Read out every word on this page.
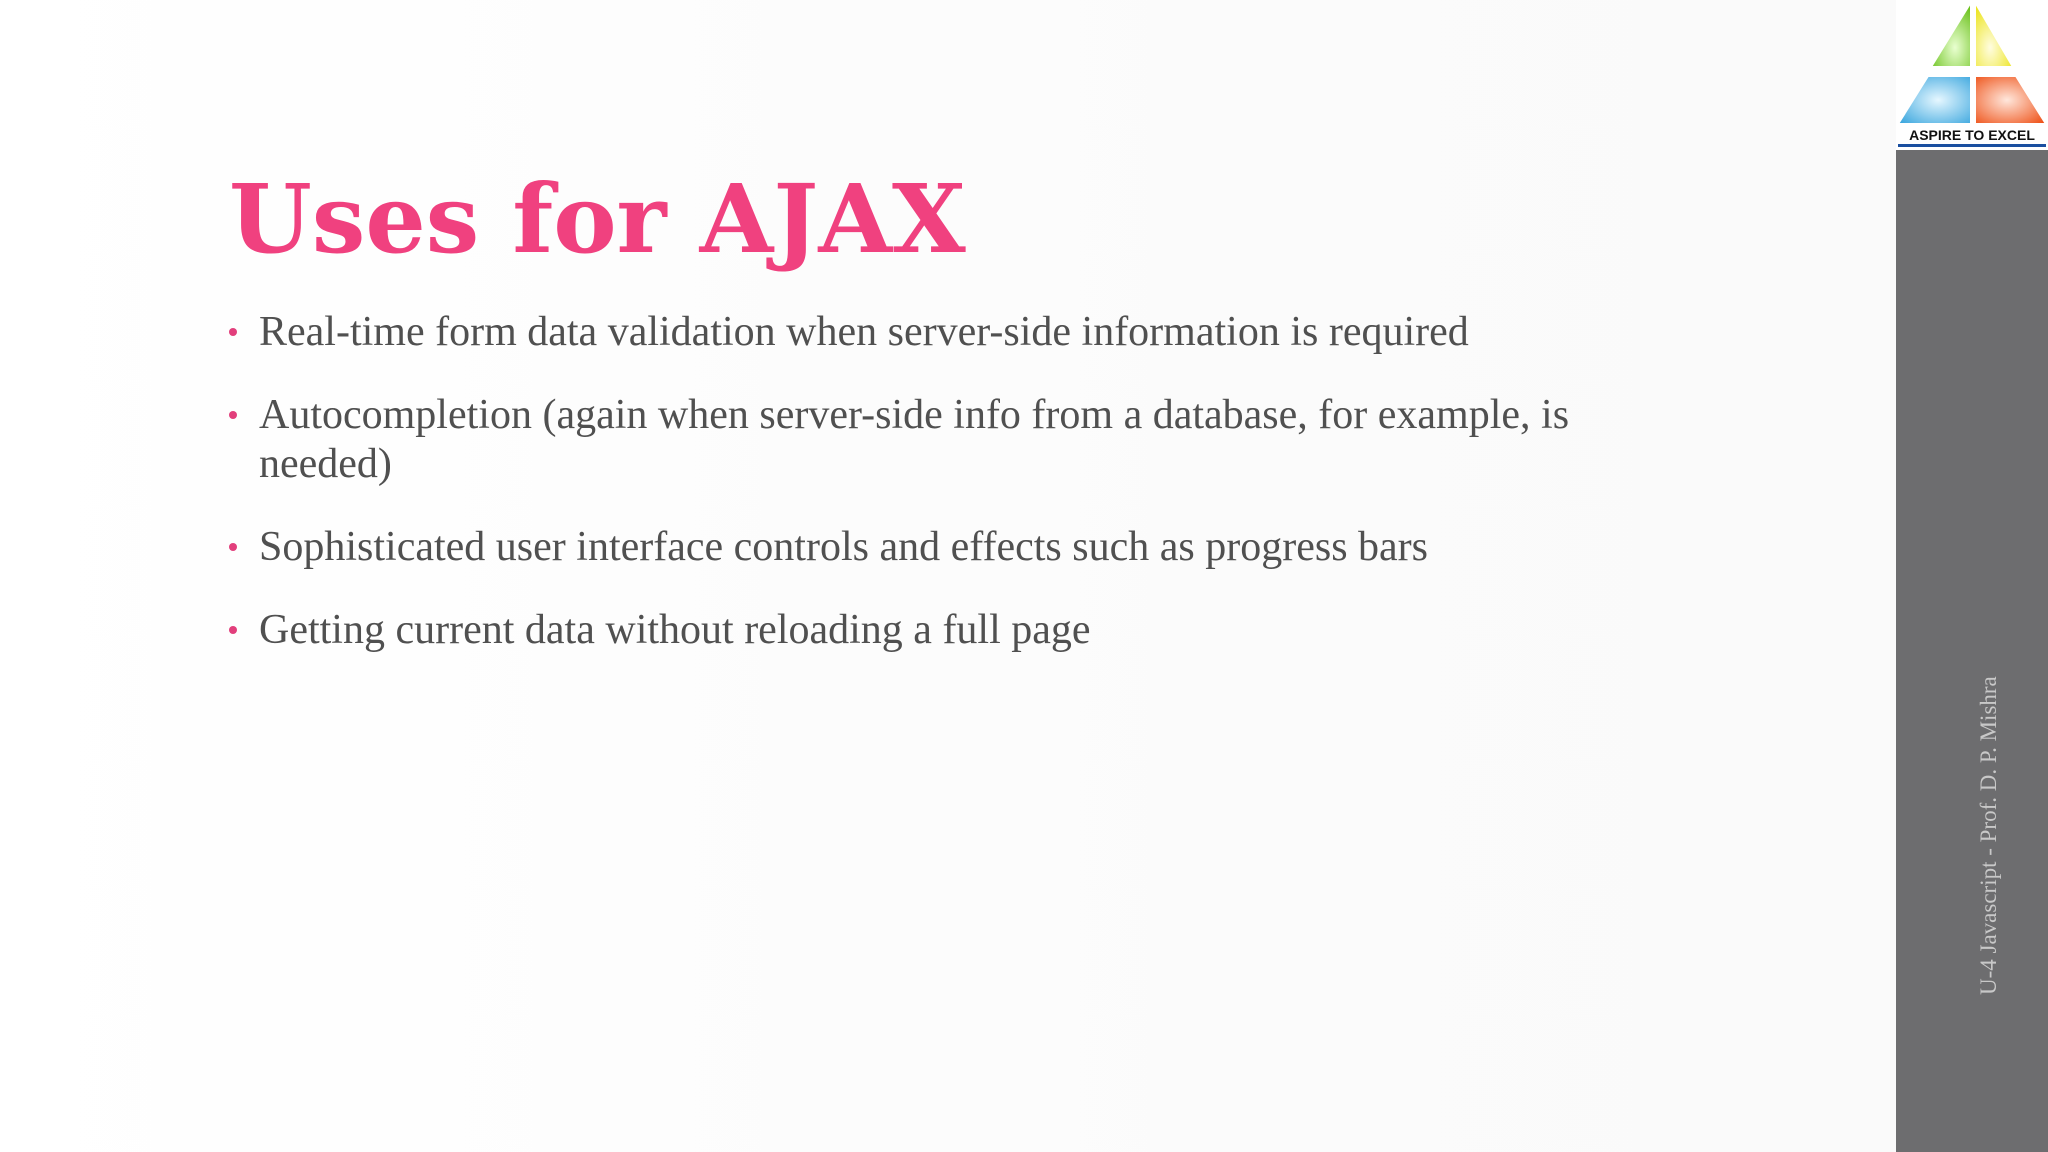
Uses for AJAX
Real-time form data validation when server-side information is required
Autocompletion (again when server-side info from a database, for example, is needed)
Sophisticated user interface controls and effects such as progress bars
Getting current data without reloading a full page
ASPIRE TO EXCEL
U-4 Javascript - Prof. D. P. Mishra
